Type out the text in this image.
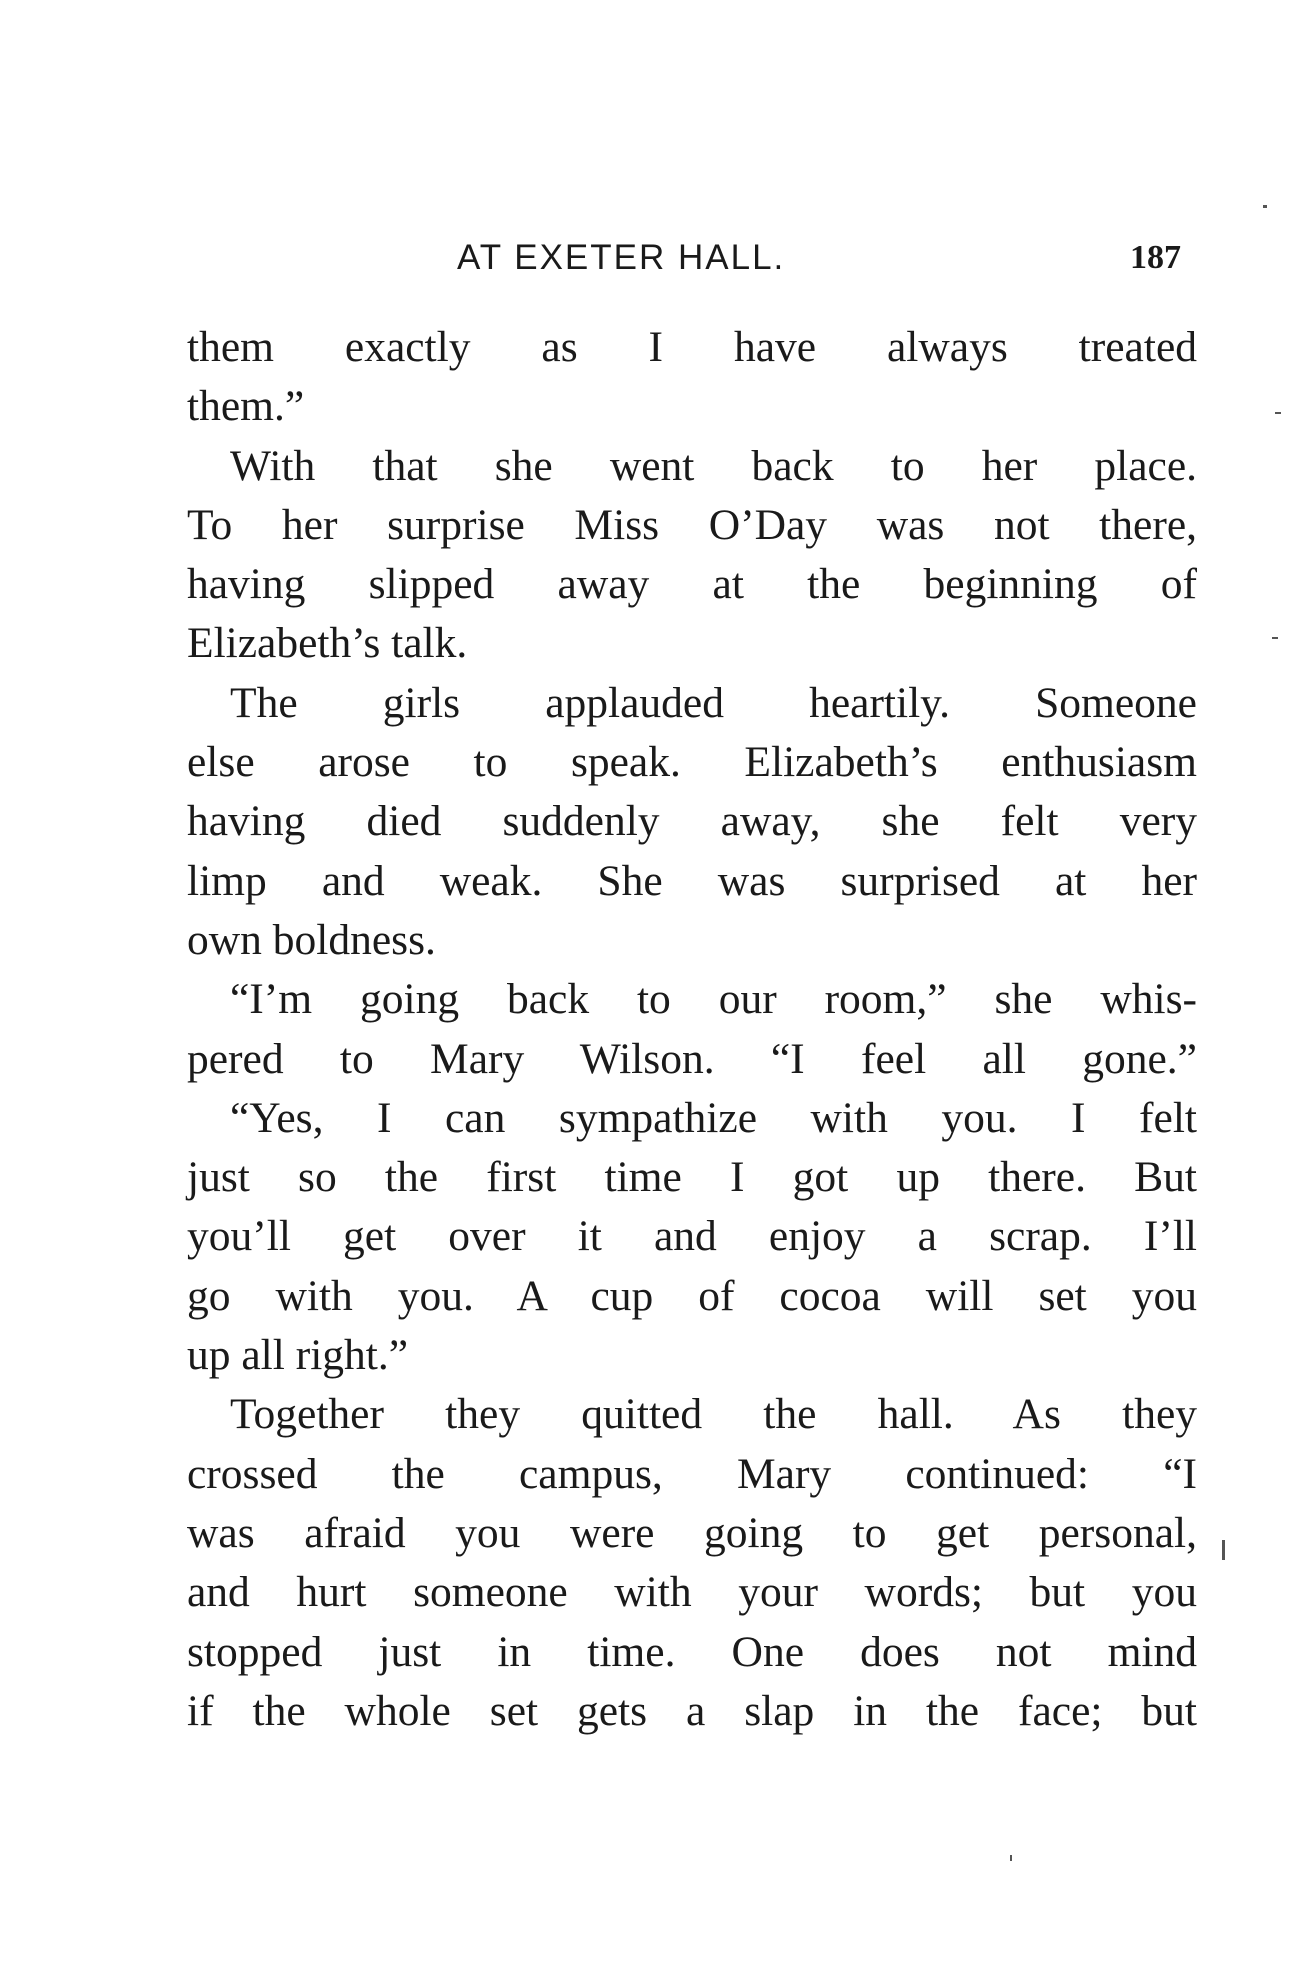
AT EXETER HALL.	187
them exactly as I have always treated
them.”
With that she went back to her place.
To her surprise Miss O’Day was not there,
having slipped away at the beginning of
Elizabeth’s talk.
The girls applauded heartily. Someone
else arose to speak. Elizabeth’s enthusiasm
having died suddenly away, she felt very
limp and weak. She was surprised at her
own boldness.
“I’m going back to our room,” she whis-
pered to Mary Wilson. “I feel all gone.”
“Yes, I can sympathize with you. I felt
just so the first time I got up there. But
you’ll get over it and enjoy a scrap. I’ll
go with you. A cup of cocoa will set you
up all right.”
Together they quitted the hall. As they
crossed the campus, Mary continued: “I
was afraid you were going to get personal,
and hurt someone with your words; but you
stopped just in time. One does not mind
if the whole set gets a slap in the face; but
